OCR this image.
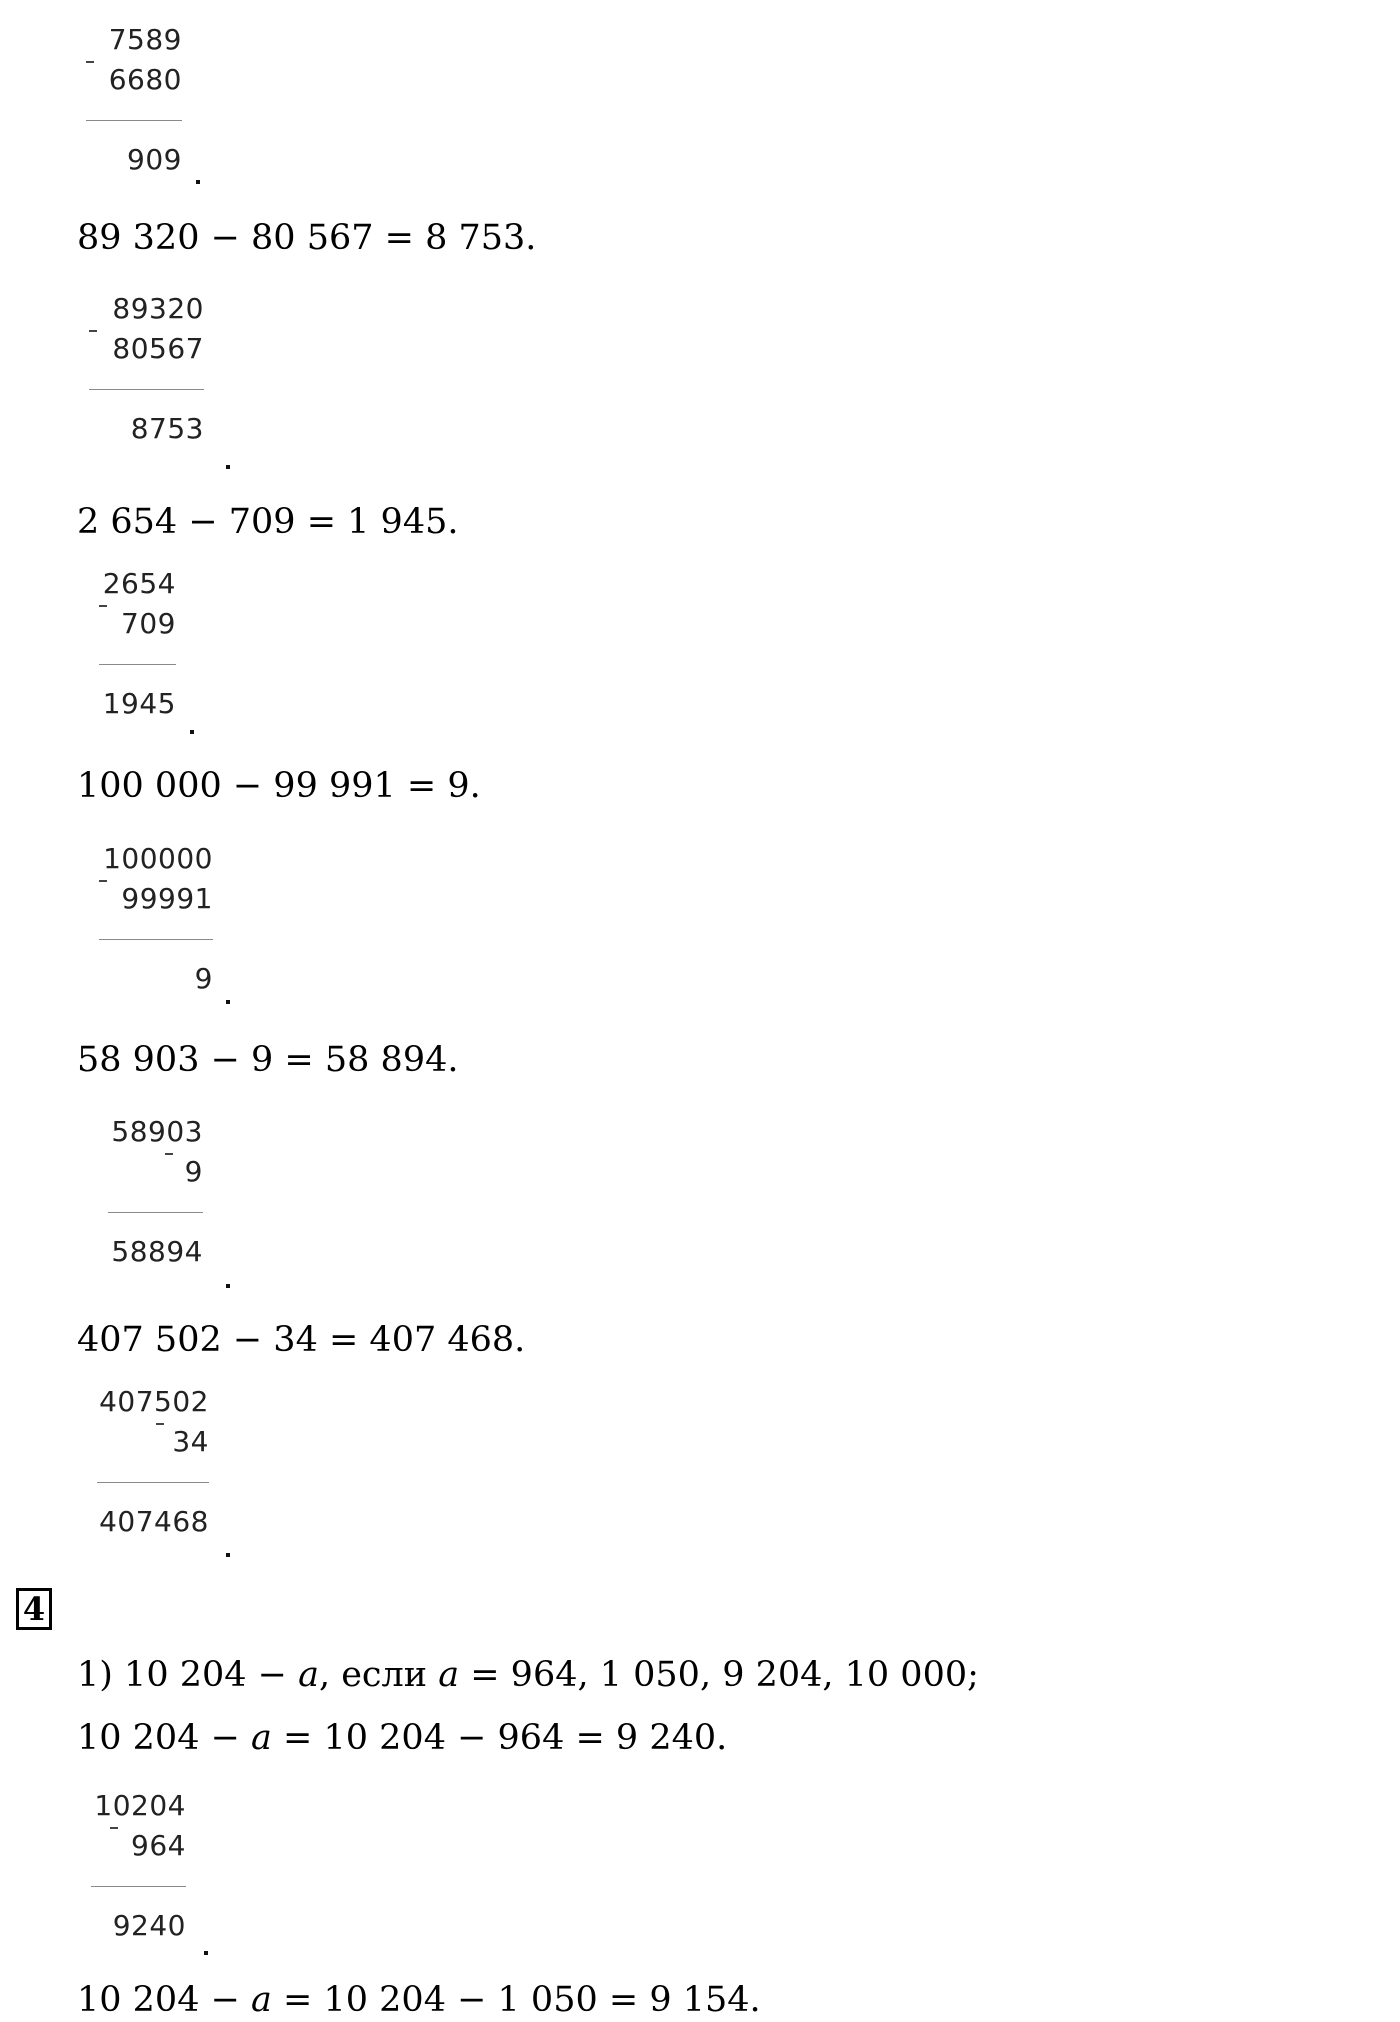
7589
6680
909
89 320 − 80 567 = 8 753.
89320
80567
8753
2 654 − 709 = 1 945.
2654
709
1945
100 000 − 99 991 = 9.
100000
99991
9
58 903 − 9 = 58 894.
58903
9
58894
407 502 − 34 = 407 468.
407502
34
407468
4
1) 10 204 − a, если a = 964, 1 050, 9 204, 10 000;
10 204 − a = 10 204 − 964 = 9 240.
10204
964
9240
10 204 − a = 10 204 − 1 050 = 9 154.
